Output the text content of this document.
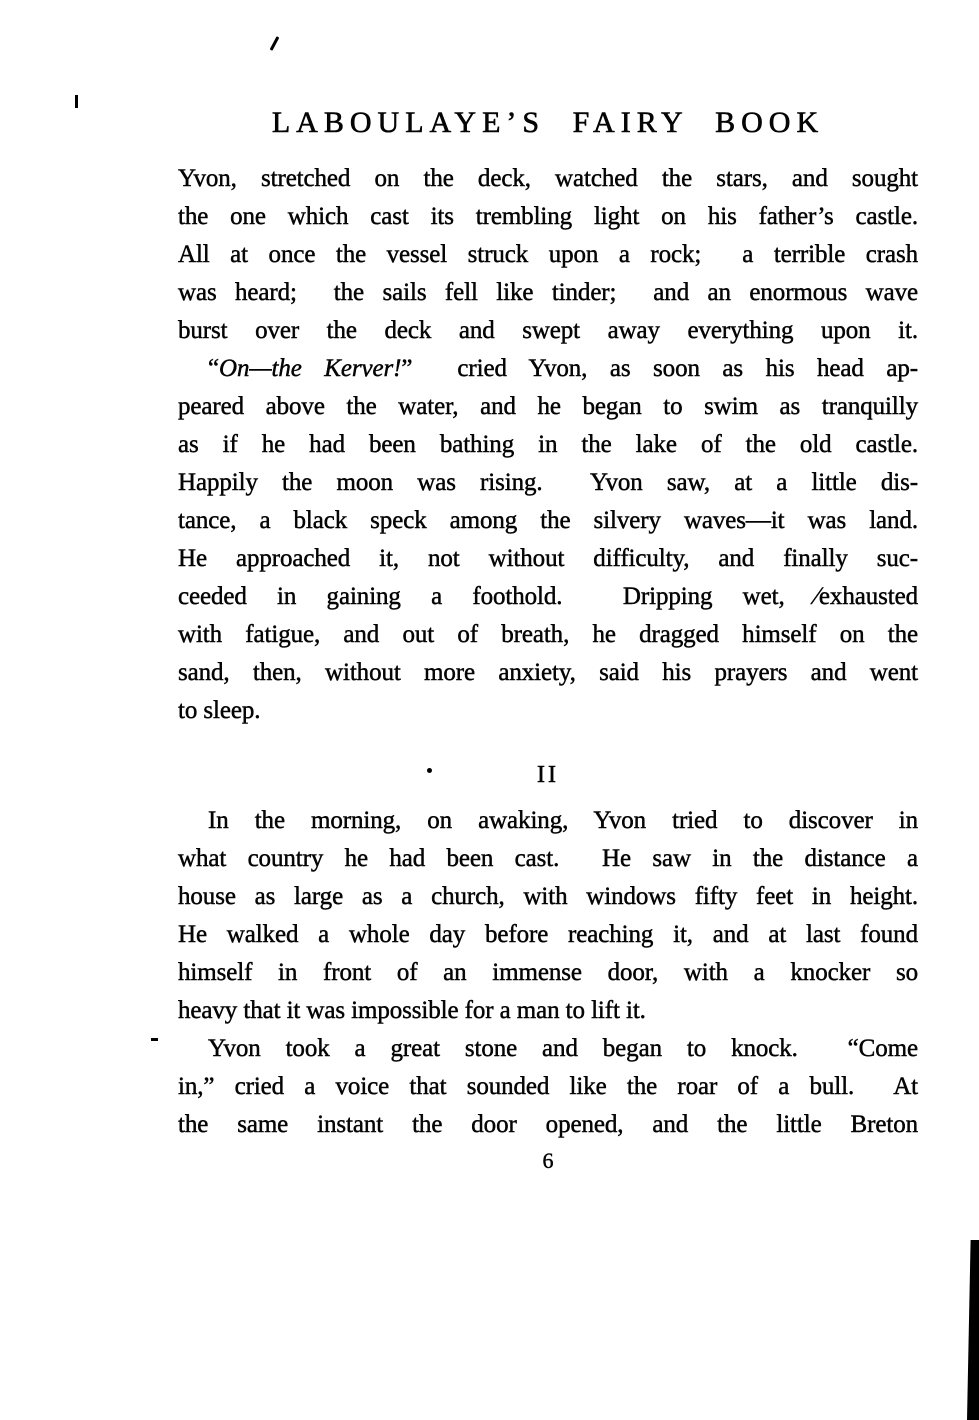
LABOULAYE’S FAIRY BOOK
Yvon, stretched on the deck, watched the stars, and sought
the one which cast its trembling light on his father’s castle.
All at once the vessel struck upon a rock;  a terrible crash
was heard;  the sails fell like tinder;  and an enormous wave
burst over the deck and swept away everything upon it.
“On—the Kerver!”  cried Yvon, as soon as his head ap-
peared above the water, and he began to swim as tranquilly
as if he had been bathing in the lake of the old castle.
Happily the moon was rising.  Yvon saw, at a little dis-
tance, a black speck among the silvery waves—it was land.
He approached it, not without difficulty, and finally suc-
ceeded in gaining a foothold.  Dripping wet, ⁄exhausted
with fatigue, and out of breath, he dragged himself on the
sand, then, without more anxiety, said his prayers and went
to sleep.
II
In the morning, on awaking, Yvon tried to discover in
what country he had been cast.  He saw in the distance a
house as large as a church, with windows fifty feet in height.
He walked a whole day before reaching it, and at last found
himself in front of an immense door, with a knocker so
heavy that it was impossible for a man to lift it.
Yvon took a great stone and began to knock.  “Come
in,” cried a voice that sounded like the roar of a bull.  At
the same instant the door opened, and the little Breton
6
